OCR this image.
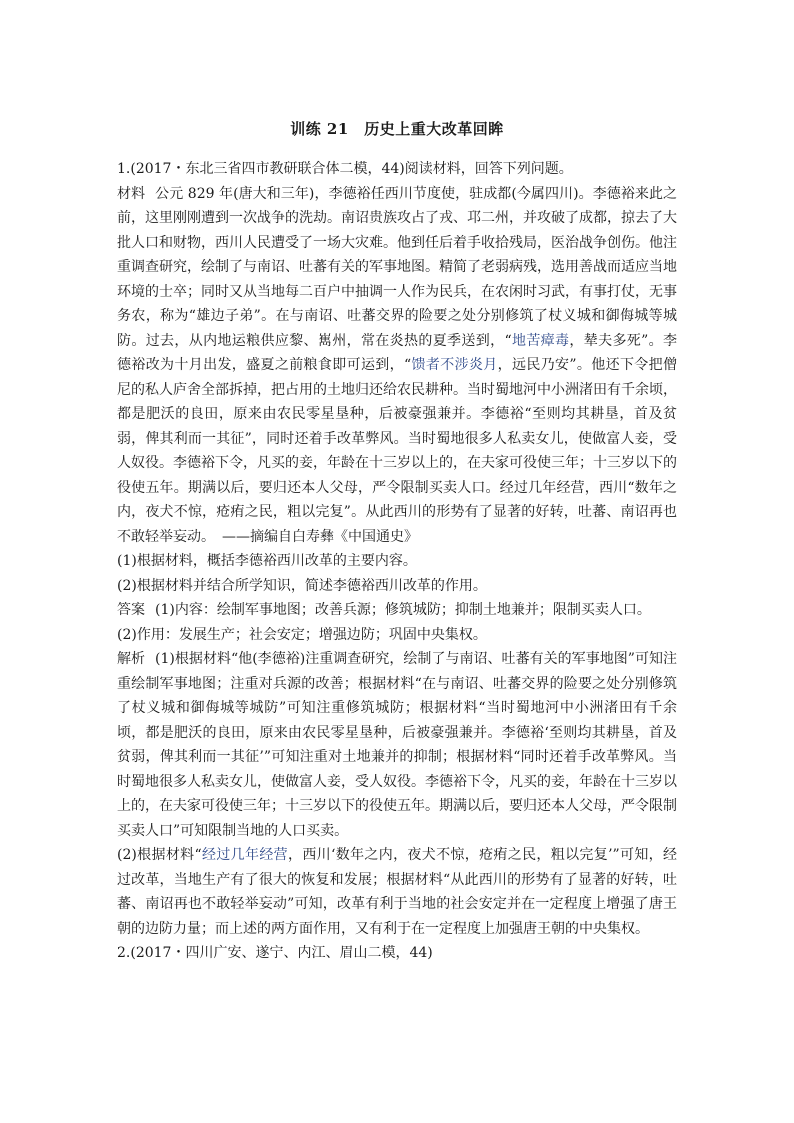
训练 21　历史上重大改革回眸

1.(2017・东北三省四市教研联合体二模，44)阅读材料，回答下列问题。

材料 公元 829 年(唐大和三年)，李德裕任西川节度使，驻成都(今属四川)。李德裕来此之前，这里刚刚遭到一次战争的洗劫。南诏贵族攻占了戎、邛二州，并攻破了成都，掠去了大批人口和财物，西川人民遭受了一场大灾难。他到任后着手收拾残局，医治战争创伤。他注重调查研究，绘制了与南诏、吐蕃有关的军事地图。精简了老弱病残，选用善战而适应当地环境的士卒；同时又从当地每二百户中抽调一人作为民兵，在农闲时习武，有事打仗，无事务农，称为“雄边子弟”。在与南诏、吐蕃交界的险要之处分别修筑了杖义城和御侮城等城防。过去，从内地运粮供应黎、嶲州，常在炎热的夏季送到，“地苦瘴毒，辇夫多死”。李德裕改为十月出发，盛夏之前粮食即可运到，“馈者不涉炎月，远民乃安”。他还下令把僧尼的私人庐舍全部拆掉，把占用的土地归还给农民耕种。当时蜀地河中小洲渚田有千余顷，都是肥沃的良田，原来由农民零星垦种，后被豪强兼并。李德裕“至则均其耕垦，首及贫弱，俾其利而一其征”，同时还着手改革弊风。当时蜀地很多人私卖女儿，使做富人妾，受人奴役。李德裕下令，凡买的妾，年龄在十三岁以上的，在夫家可役使三年；十三岁以下的役使五年。期满以后，要归还本人父母，严令限制买卖人口。经过几年经营，西川“数年之内，夜犬不惊，疮痏之民，粗以完复”。从此西川的形势有了显著的好转，吐蕃、南诏再也不敢轻举妄动。　——摘编自白寿彝《中国通史》

(1)根据材料，概括李德裕西川改革的主要内容。

(2)根据材料并结合所学知识，简述李德裕西川改革的作用。

答案 (1)内容：绘制军事地图；改善兵源；修筑城防；抑制土地兼并；限制买卖人口。

(2)作用：发展生产；社会安定；增强边防；巩固中央集权。

解析 (1)根据材料“他(李德裕)注重调查研究，绘制了与南诏、吐蕃有关的军事地图”可知注重绘制军事地图；注重对兵源的改善；根据材料“在与南诏、吐蕃交界的险要之处分别修筑了杖义城和御侮城等城防”可知注重修筑城防；根据材料“当时蜀地河中小洲渚田有千余顷，都是肥沃的良田，原来由农民零星垦种，后被豪强兼并。李德裕‘至则均其耕垦，首及贫弱，俾其利而一其征’”可知注重对土地兼并的抑制；根据材料“同时还着手改革弊风。当时蜀地很多人私卖女儿，使做富人妾，受人奴役。李德裕下令，凡买的妾，年龄在十三岁以上的，在夫家可役使三年；十三岁以下的役使五年。期满以后，要归还本人父母，严令限制买卖人口”可知限制当地的人口买卖。

(2)根据材料“经过几年经营，西川‘数年之内，夜犬不惊，疮痏之民，粗以完复’”可知，经过改革，当地生产有了很大的恢复和发展；根据材料“从此西川的形势有了显著的好转，吐蕃、南诏再也不敢轻举妄动”可知，改革有利于当地的社会安定并在一定程度上增强了唐王朝的边防力量；而上述的两方面作用，又有利于在一定程度上加强唐王朝的中央集权。

2.(2017・四川广安、遂宁、内江、眉山二模，44)
